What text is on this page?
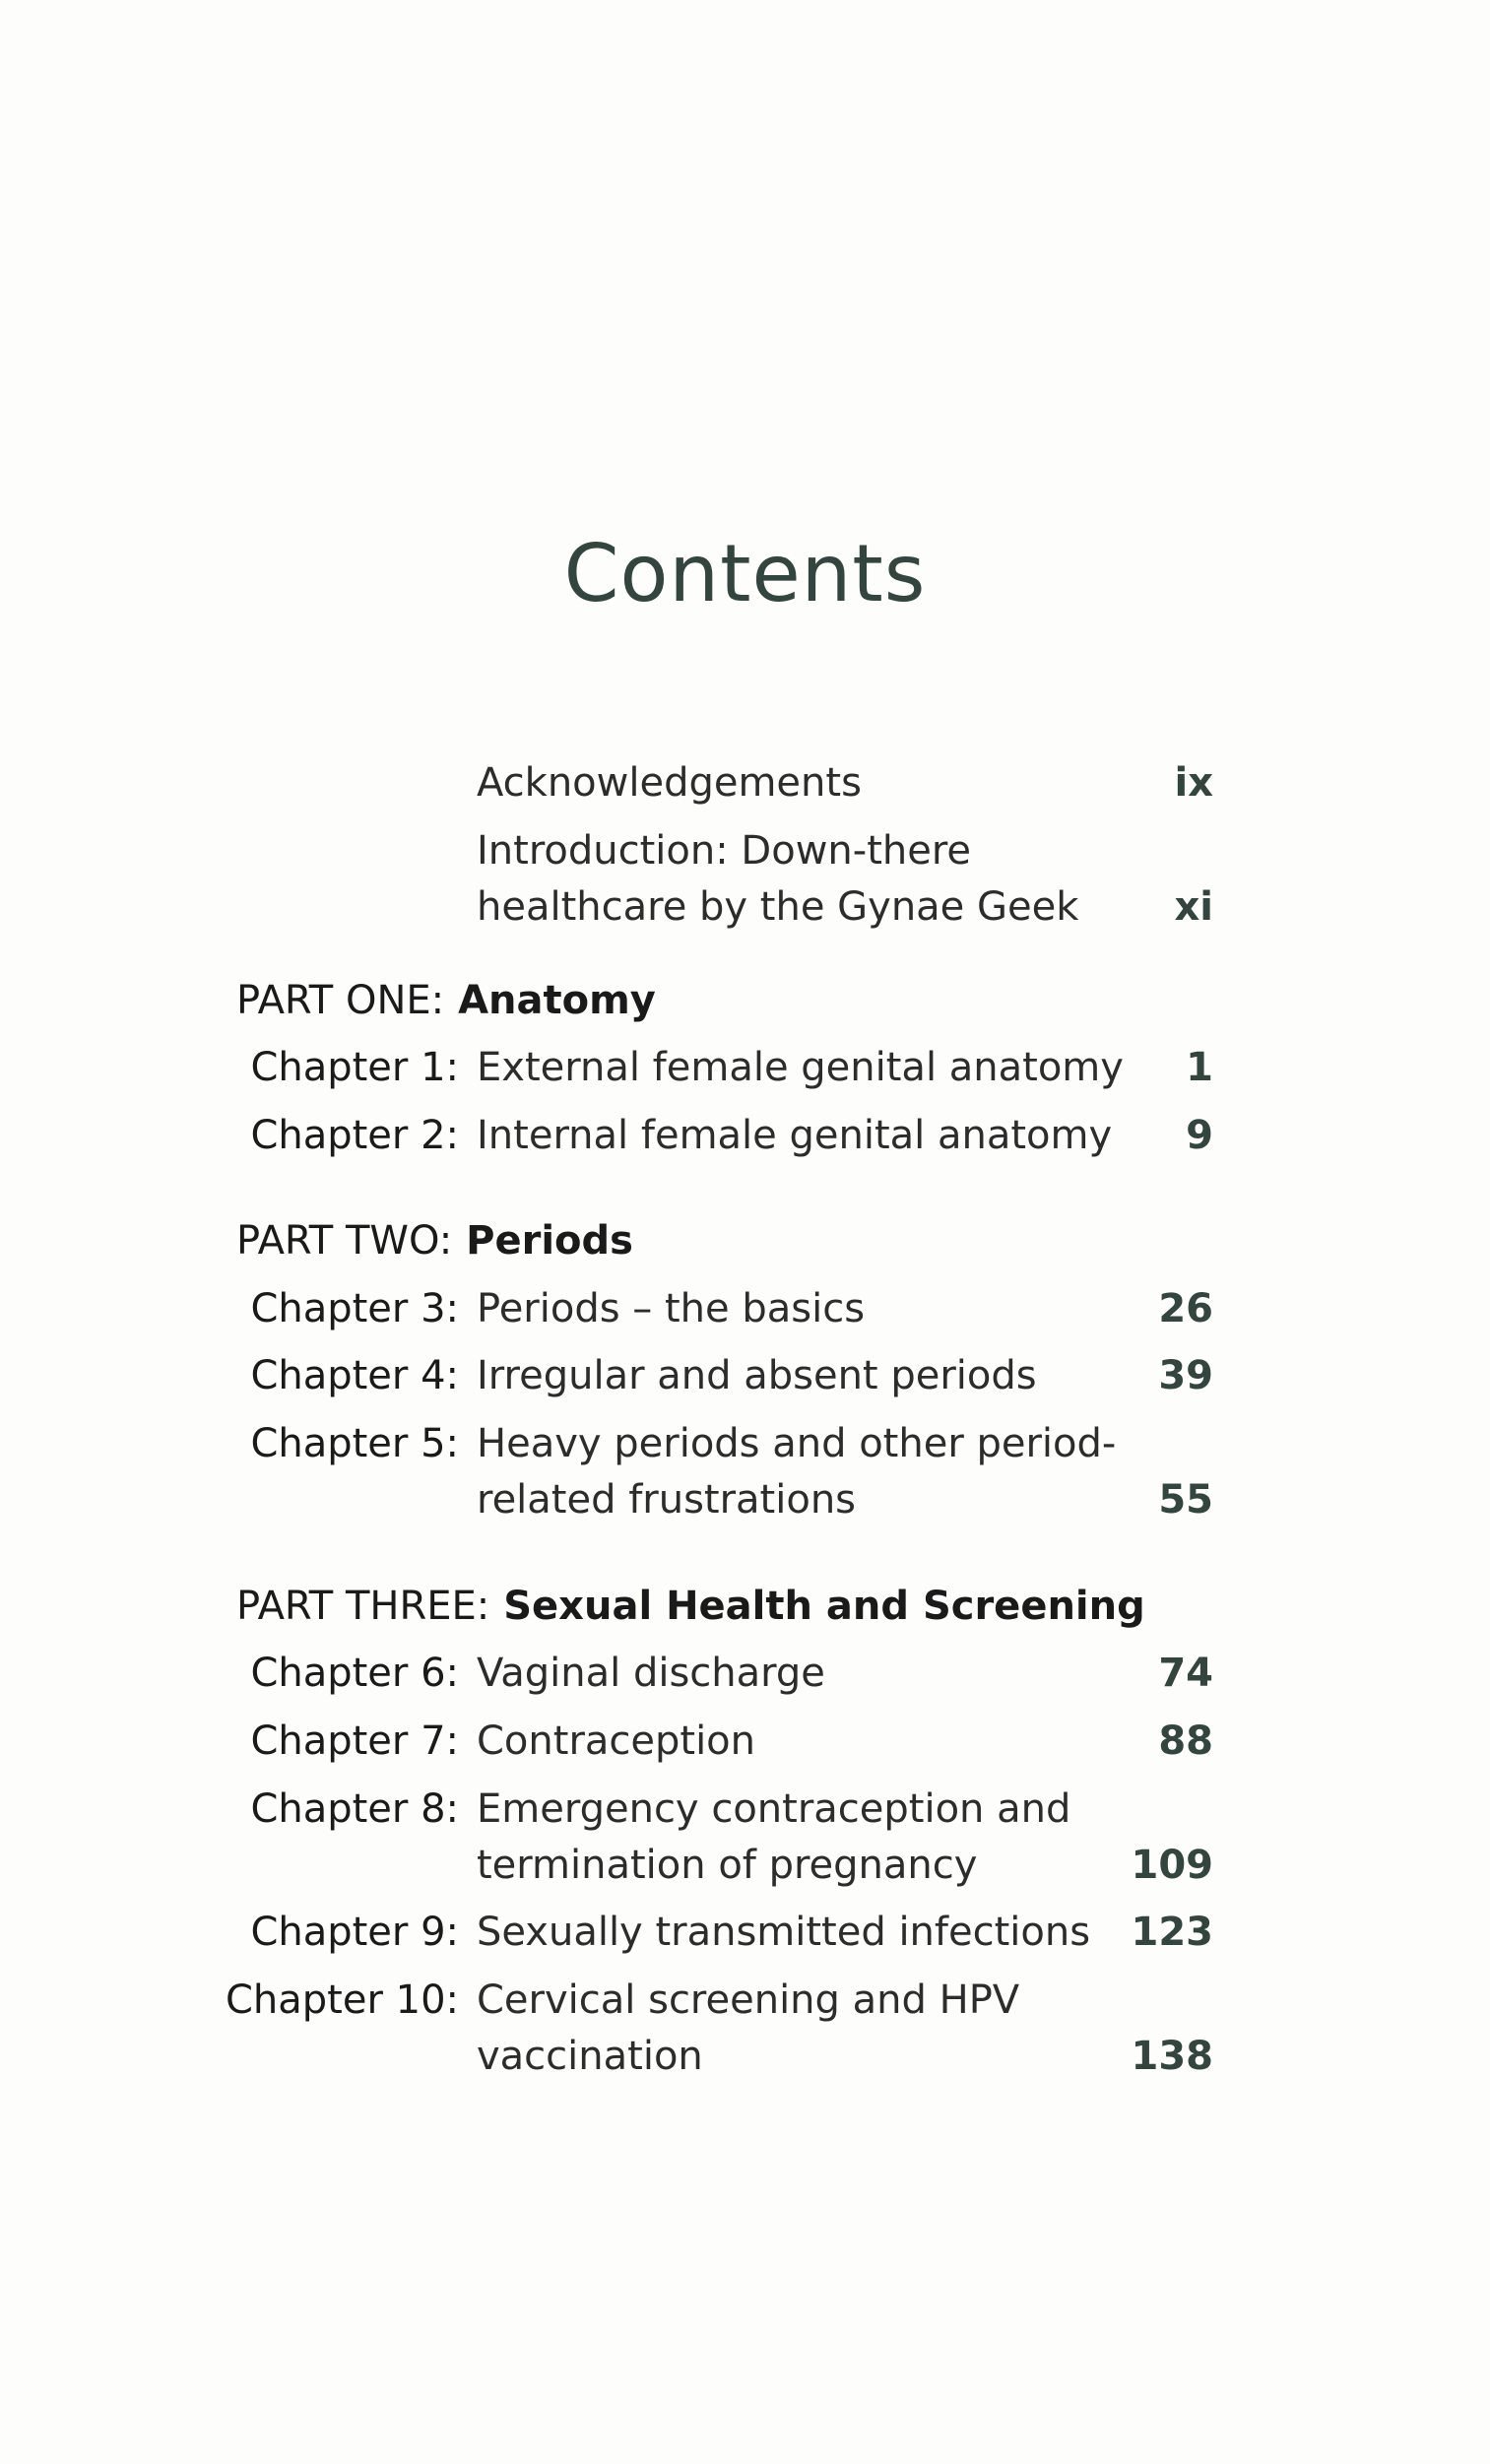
Contents
Acknowledgements	ix
Introduction: Down-there
healthcare by the Gynae Geek xi
PART ONE: Anatomy
Chapter 1: External female genital anatomy 1
Chapter 2: Internal female genital anatomy 9
PART TWO: Periods
Chapter 3: Periods – the basics	26
Chapter 4: Irregular and absent periods	39
Chapter 5: Heavy periods and other period-
related frustrations	55
PART THREE: Sexual Health and Screening
Chapter 6: Vaginal discharge	74
Chapter 7: Contraception	88
Chapter 8: Emergency contraception and
termination of pregnancy	109
Chapter 9: Sexually transmitted infections 123
Chapter 10: Cervical screening and HPV
vaccination	138
